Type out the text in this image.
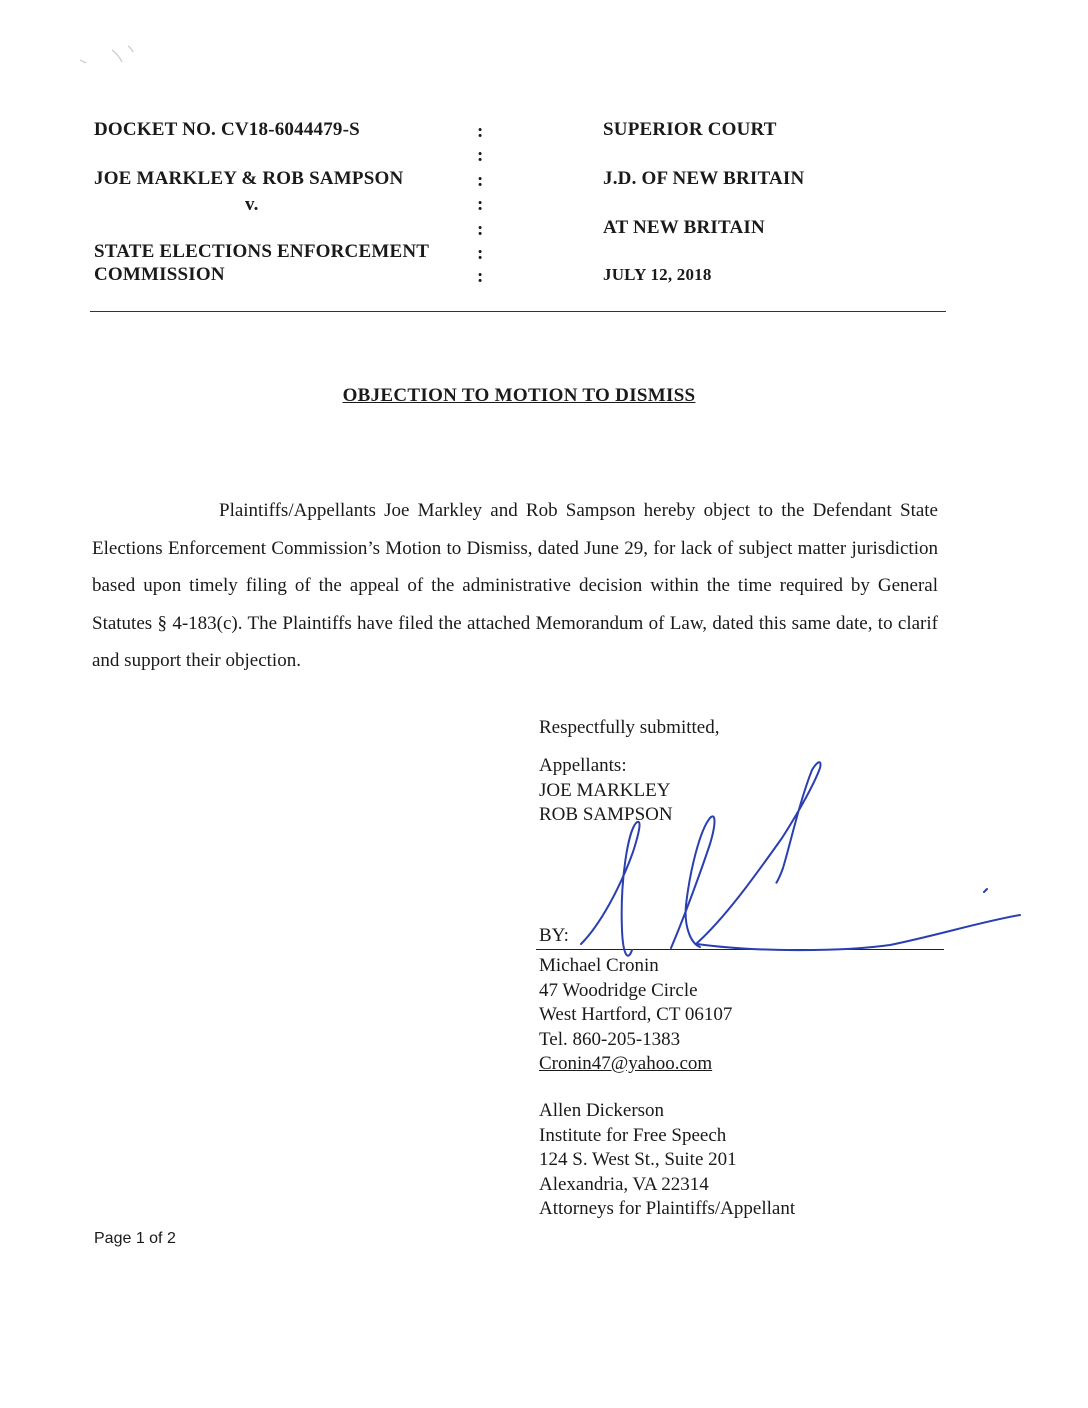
DOCKET NO. CV18-6044479-S
JOE MARKLEY & ROB SAMPSON
v.
STATE ELECTIONS ENFORCEMENT
COMMISSION
:
:
:
:
:
:
:
SUPERIOR COURT
J.D. OF NEW BRITAIN
AT NEW BRITAIN
JULY 12, 2018
OBJECTION TO MOTION TO DISMISS

Plaintiffs/Appellants Joe Markley and Rob Sampson hereby object to the Defendant State Elections Enforcement Commission’s Motion to Dismiss, dated June 29, for lack of subject matter jurisdiction based upon timely filing of the appeal of the administrative decision within the time required by General Statutes § 4-183(c). The Plaintiffs have filed the attached Memorandum of Law, dated this same date, to clarif and support their objection.

Respectfully submitted,
Appellants:
JOE MARKLEY
ROB SAMPSON
BY:
Michael Cronin
47 Woodridge Circle
West Hartford, CT 06107
Tel. 860-205-1383
Cronin47@yahoo.com
Allen Dickerson
Institute for Free Speech
124 S. West St., Suite 201
Alexandria, VA 22314
Attorneys for Plaintiffs/Appellant
Page 1 of 2
